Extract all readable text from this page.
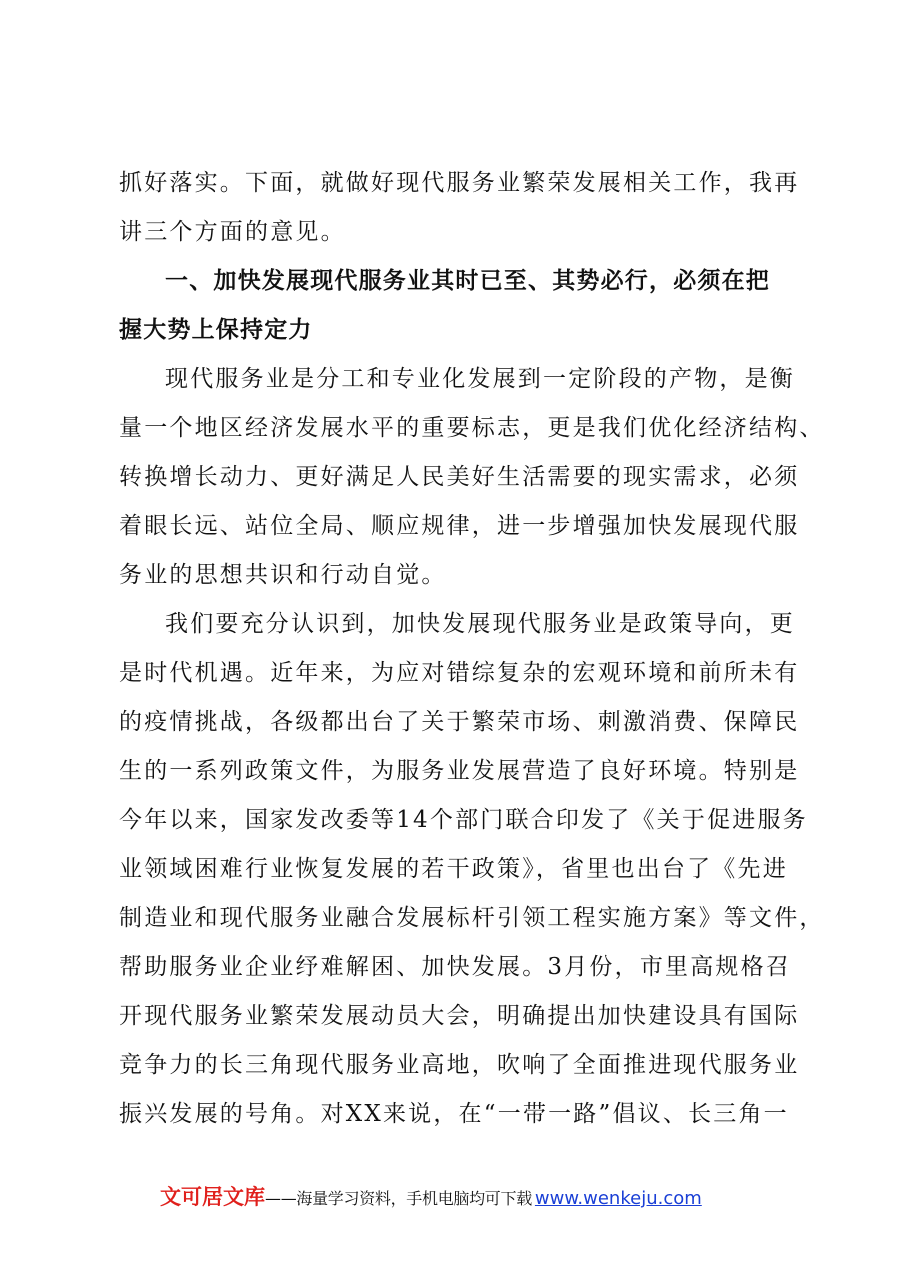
抓好落实。下面，就做好现代服务业繁荣发展相关工作，我再

讲三个方面的意见。

一、加快发展现代服务业其时已至、其势必行，必须在把

握大势上保持定力

现代服务业是分工和专业化发展到一定阶段的产物，是衡

量一个地区经济发展水平的重要标志，更是我们优化经济结构、

转换增长动力、更好满足人民美好生活需要的现实需求，必须

着眼长远、站位全局、顺应规律，进一步增强加快发展现代服

务业的思想共识和行动自觉。

我们要充分认识到，加快发展现代服务业是政策导向，更

是时代机遇。近年来，为应对错综复杂的宏观环境和前所未有

的疫情挑战，各级都出台了关于繁荣市场、刺激消费、保障民

生的一系列政策文件，为服务业发展营造了良好环境。特别是

今年以来，国家发改委等14个部门联合印发了《关于促进服务

业领域困难行业恢复发展的若干政策》，省里也出台了《先进

制造业和现代服务业融合发展标杆引领工程实施方案》等文件，

帮助服务业企业纾难解困、加快发展。3月份，市里高规格召

开现代服务业繁荣发展动员大会，明确提出加快建设具有国际

竞争力的长三角现代服务业高地，吹响了全面推进现代服务业

振兴发展的号角。对XX来说，在“一带一路”倡议、长三角一

文可居文库 ——海量学习资料，手机电脑均可下载 www.wenkeju.com
